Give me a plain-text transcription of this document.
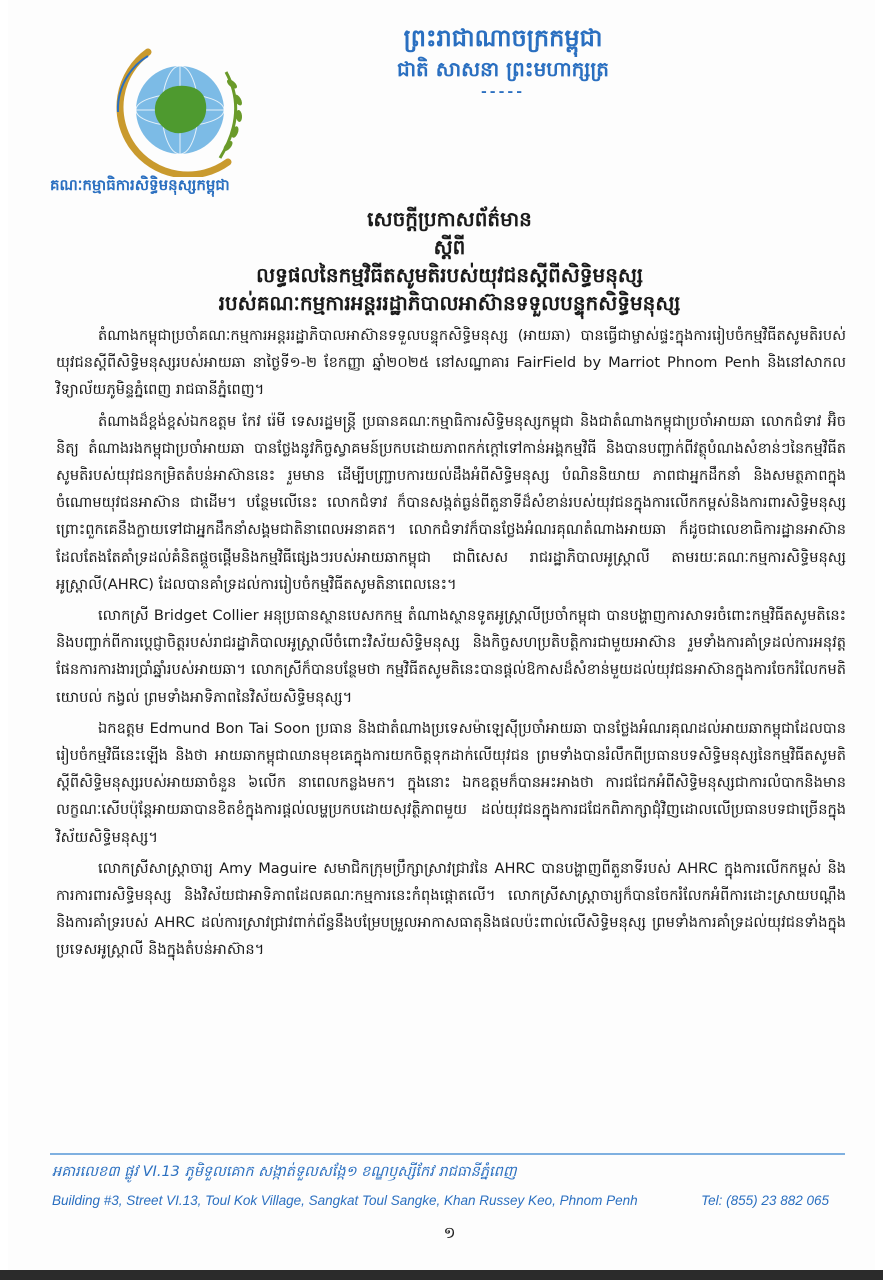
គណៈកម្មាធិការសិទ្ធិមនុស្សកម្ពុជា
ព្រះរាជាណាចក្រកម្ពុជា
ជាតិ សាសនា ព្រះមហាក្សត្រ
-----
សេចក្តីប្រកាសព័ត៌មាន
ស្តីពី
លទ្ធផលនៃកម្មវិធីតសូមតិរបស់យុវជនស្តីពីសិទ្ធិមនុស្ស
របស់គណៈកម្មការអន្តររដ្ឋាភិបាលអាស៊ានទទួលបន្ទុកសិទ្ធិមនុស្ស

តំណាងកម្ពុជាប្រចាំគណៈកម្មការអន្តររដ្ឋាភិបាលអាស៊ានទទួលបន្ទុកសិទ្ធិមនុស្ស (អាយឆា) បានធ្វើជាម្ចាស់ផ្ទះក្នុងការរៀបចំកម្មវិធីតសូមតិរបស់យុវជនស្តីពីសិទ្ធិមនុស្សរបស់អាយឆា នាថ្ងៃទី១-២ ខែកញ្ញា ឆ្នាំ២០២៥ នៅសណ្ឋាគារ FairField by Marriot Phnom Penh និងនៅសាកលវិទ្យាល័យភូមិន្ទភ្នំពេញ រាជធានីភ្នំពេញ។

តំណាងដ៏ខ្ពង់ខ្ពស់ឯកឧត្តម កែវ រ៉េមី ទេសរដ្ឋមន្ត្រី ប្រធានគណៈកម្មាធិការសិទ្ធិមនុស្សកម្ពុជា និងជាតំណាងកម្ពុជាប្រចាំអាយឆា លោកជំទាវ អ៊ិច និត្យ តំណាងរងកម្ពុជាប្រចាំអាយឆា បានថ្លែងនូវកិច្ចស្វាគមន៍ប្រកបដោយភាពកក់ក្តៅទៅកាន់អង្គកម្មវិធី និងបានបញ្ជាក់ពីវត្ថុបំណងសំខាន់ៗនៃកម្មវិធីតសូមតិរបស់យុវជនកម្រិតតំបន់អាស៊ាននេះ រួមមាន ដើម្បីបញ្ជ្រាបការយល់ដឹងអំពីសិទ្ធិមនុស្ស បំណិននិយាយ ភាពជាអ្នកដឹកនាំ និងសមត្ថភាពក្នុងចំណោមយុវជនអាស៊ាន ជាដើម។ បន្ថែមលើនេះ លោកជំទាវ ក៏បានសង្កត់ធ្ងន់ពីតួនាទីដ៏សំខាន់របស់យុវជនក្នុងការលើកកម្ពស់និងការពារសិទ្ធិមនុស្ស ព្រោះពួកគេនឹងក្លាយទៅជាអ្នកដឹកនាំសង្គមជាតិនាពេលអនាគត។ លោកជំទាវក៏បានថ្លែងអំណរគុណតំណាងអាយឆា ក៏ដូចជាលេខាធិការដ្ឋានអាស៊ាន ដែលតែងតែគាំទ្រដល់គំនិតផ្តួចផ្តើមនិងកម្មវិធីផ្សេងៗរបស់អាយឆាកម្ពុជា ជាពិសេស រាជរដ្ឋាភិបាលអូស្ត្រាលី តាមរយៈគណៈកម្មការសិទ្ធិមនុស្សអូស្ត្រាលី(AHRC) ដែលបានគាំទ្រដល់ការរៀបចំកម្មវិធីតសូមតិនាពេលនេះ។

លោកស្រី Bridget Collier អនុប្រធានស្ថានបេសកកម្ម តំណាងស្ថានទូតអូស្ត្រាលីប្រចាំកម្ពុជា បានបង្ហាញការសាទរចំពោះកម្មវិធីតសូមតិនេះ និងបញ្ជាក់ពីការប្តេជ្ញាចិត្តរបស់រាជរដ្ឋាភិបាលអូស្ត្រាលីចំពោះវិស័យសិទ្ធិមនុស្ស និងកិច្ចសហប្រតិបត្តិការជាមួយអាស៊ាន រួមទាំងការគាំទ្រដល់ការអនុវត្តផែនការការងារប្រាំឆ្នាំរបស់អាយឆា។ លោកស្រីក៏បានបន្ថែមថា កម្មវិធីតសូមតិនេះបានផ្តល់ឱកាសដ៏សំខាន់មួយដល់យុវជនអាស៊ានក្នុងការចែករំលែកមតិយោបល់ កង្វល់ ព្រមទាំងអាទិភាពនៃវិស័យសិទ្ធិមនុស្ស។

ឯកឧត្តម Edmund Bon Tai Soon ប្រធាន និងជាតំណាងប្រទេសម៉ាឡេស៊ីប្រចាំអាយឆា បានថ្លែងអំណរគុណដល់អាយឆាកម្ពុជាដែលបានរៀបចំកម្មវិធីនេះឡើង និងថា អាយឆាកម្ពុជាឈានមុខគេក្នុងការយកចិត្តទុកដាក់លើយុវជន ព្រមទាំងបានរំលឹកពីប្រធានបទសិទ្ធិមនុស្សនៃកម្មវិធីតសូមតិស្តីពីសិទ្ធិមនុស្សរបស់អាយឆាចំនួន ៦លើក នាពេលកន្លងមក។ ក្នុងនោះ ឯកឧត្តមក៏បានអះអាងថា ការជជែកអំពីសិទ្ធិមនុស្សជាការលំបាកនិងមានលក្ខណៈសើបប៉ុន្តែអាយឆាបានខិតខំក្នុងការផ្តល់លម្ហប្រកបដោយសុវត្ថិភាពមួយ ដល់យុវជនក្នុងការជជែកពិភាក្សាជុំវិញដោលលើប្រធានបទជាច្រើនក្នុងវិស័យសិទ្ធិមនុស្ស។

លោកស្រីសាស្ត្រាចារ្យ Amy Maguire សមាជិកក្រុមប្រឹក្សាស្រាវជ្រាវនៃ AHRC បានបង្ហាញពីតួនាទីរបស់ AHRC ក្នុងការលើកកម្ពស់ និងការការពារសិទ្ធិមនុស្ស និងវិស័យជាអាទិភាពដែលគណៈកម្មការនេះកំពុងផ្តោតលើ។ លោកស្រីសាស្ត្រាចារ្យក៏បានចែករំលែកអំពីការដោះស្រាយបណ្តឹង និងការគាំទ្ររបស់ AHRC ដល់ការស្រាវជ្រាវពាក់ព័ន្ធនឹងបម្រែបម្រួលអាកាសធាតុនិងផលប៉ះពាល់លើសិទ្ធិមនុស្ស ព្រមទាំងការគាំទ្រដល់យុវជនទាំងក្នុងប្រទេសអូស្ត្រាលី និងក្នុងតំបន់អាស៊ាន។

អគារលេខ៣ ផ្លូវ VI.13 ភូមិទួលគោក សង្កាត់ទួលសង្កែ១ ខណ្ឌឫស្សីកែវ រាជធានីភ្នំពេញ
Building #3, Street VI.13, Toul Kok Village, Sangkat Toul Sangke, Khan Russey Keo, Phnom Penh	Tel: (855) 23 882 065
១
